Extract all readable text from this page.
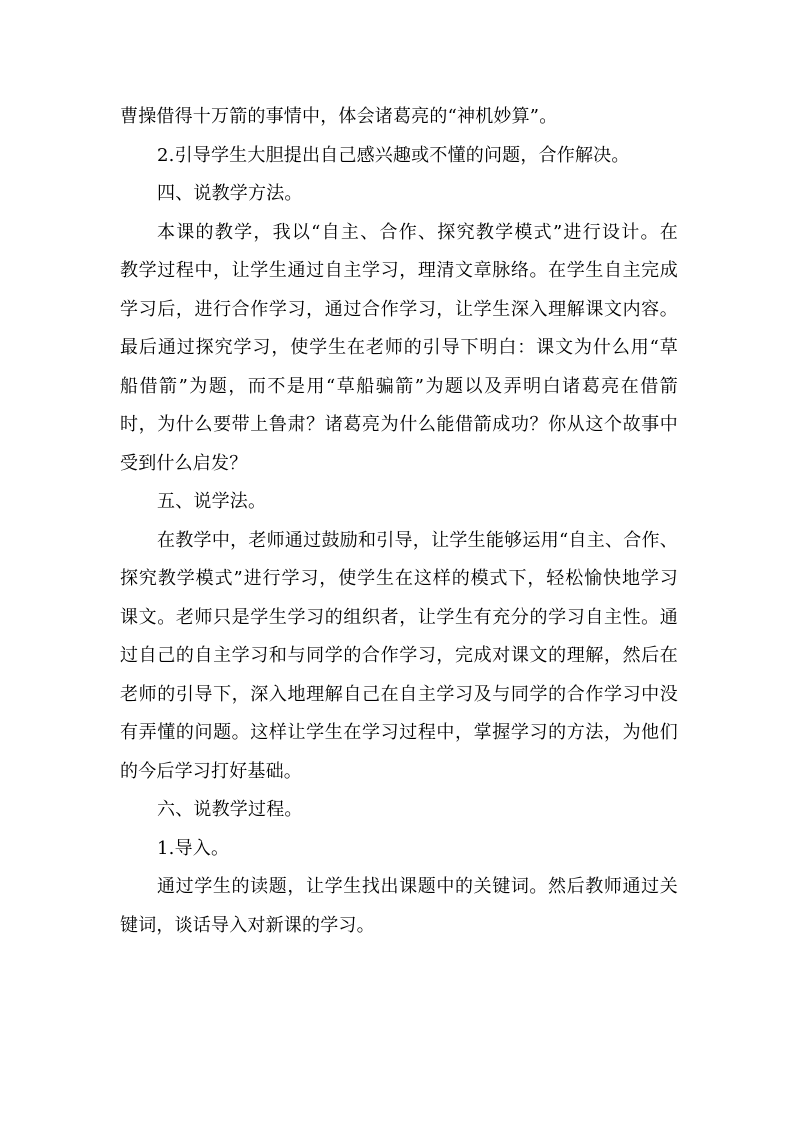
曹操借得十万箭的事情中，体会诸葛亮的“神机妙算”。
2.引导学生大胆提出自己感兴趣或不懂的问题，合作解决。
四、说教学方法。
本课的教学，我以“自主、合作、探究教学模式”进行设计。在
教学过程中，让学生通过自主学习，理清文章脉络。在学生自主完成
学习后，进行合作学习，通过合作学习，让学生深入理解课文内容。
最后通过探究学习，使学生在老师的引导下明白：课文为什么用“草
船借箭”为题，而不是用“草船骗箭”为题以及弄明白诸葛亮在借箭
时，为什么要带上鲁肃？诸葛亮为什么能借箭成功？你从这个故事中
受到什么启发？
五、说学法。
在教学中，老师通过鼓励和引导，让学生能够运用“自主、合作、
探究教学模式”进行学习，使学生在这样的模式下，轻松愉快地学习
课文。老师只是学生学习的组织者，让学生有充分的学习自主性。通
过自己的自主学习和与同学的合作学习，完成对课文的理解，然后在
老师的引导下，深入地理解自己在自主学习及与同学的合作学习中没
有弄懂的问题。这样让学生在学习过程中，掌握学习的方法，为他们
的今后学习打好基础。
六、说教学过程。
1.导入。
通过学生的读题，让学生找出课题中的关键词。然后教师通过关
键词，谈话导入对新课的学习。
